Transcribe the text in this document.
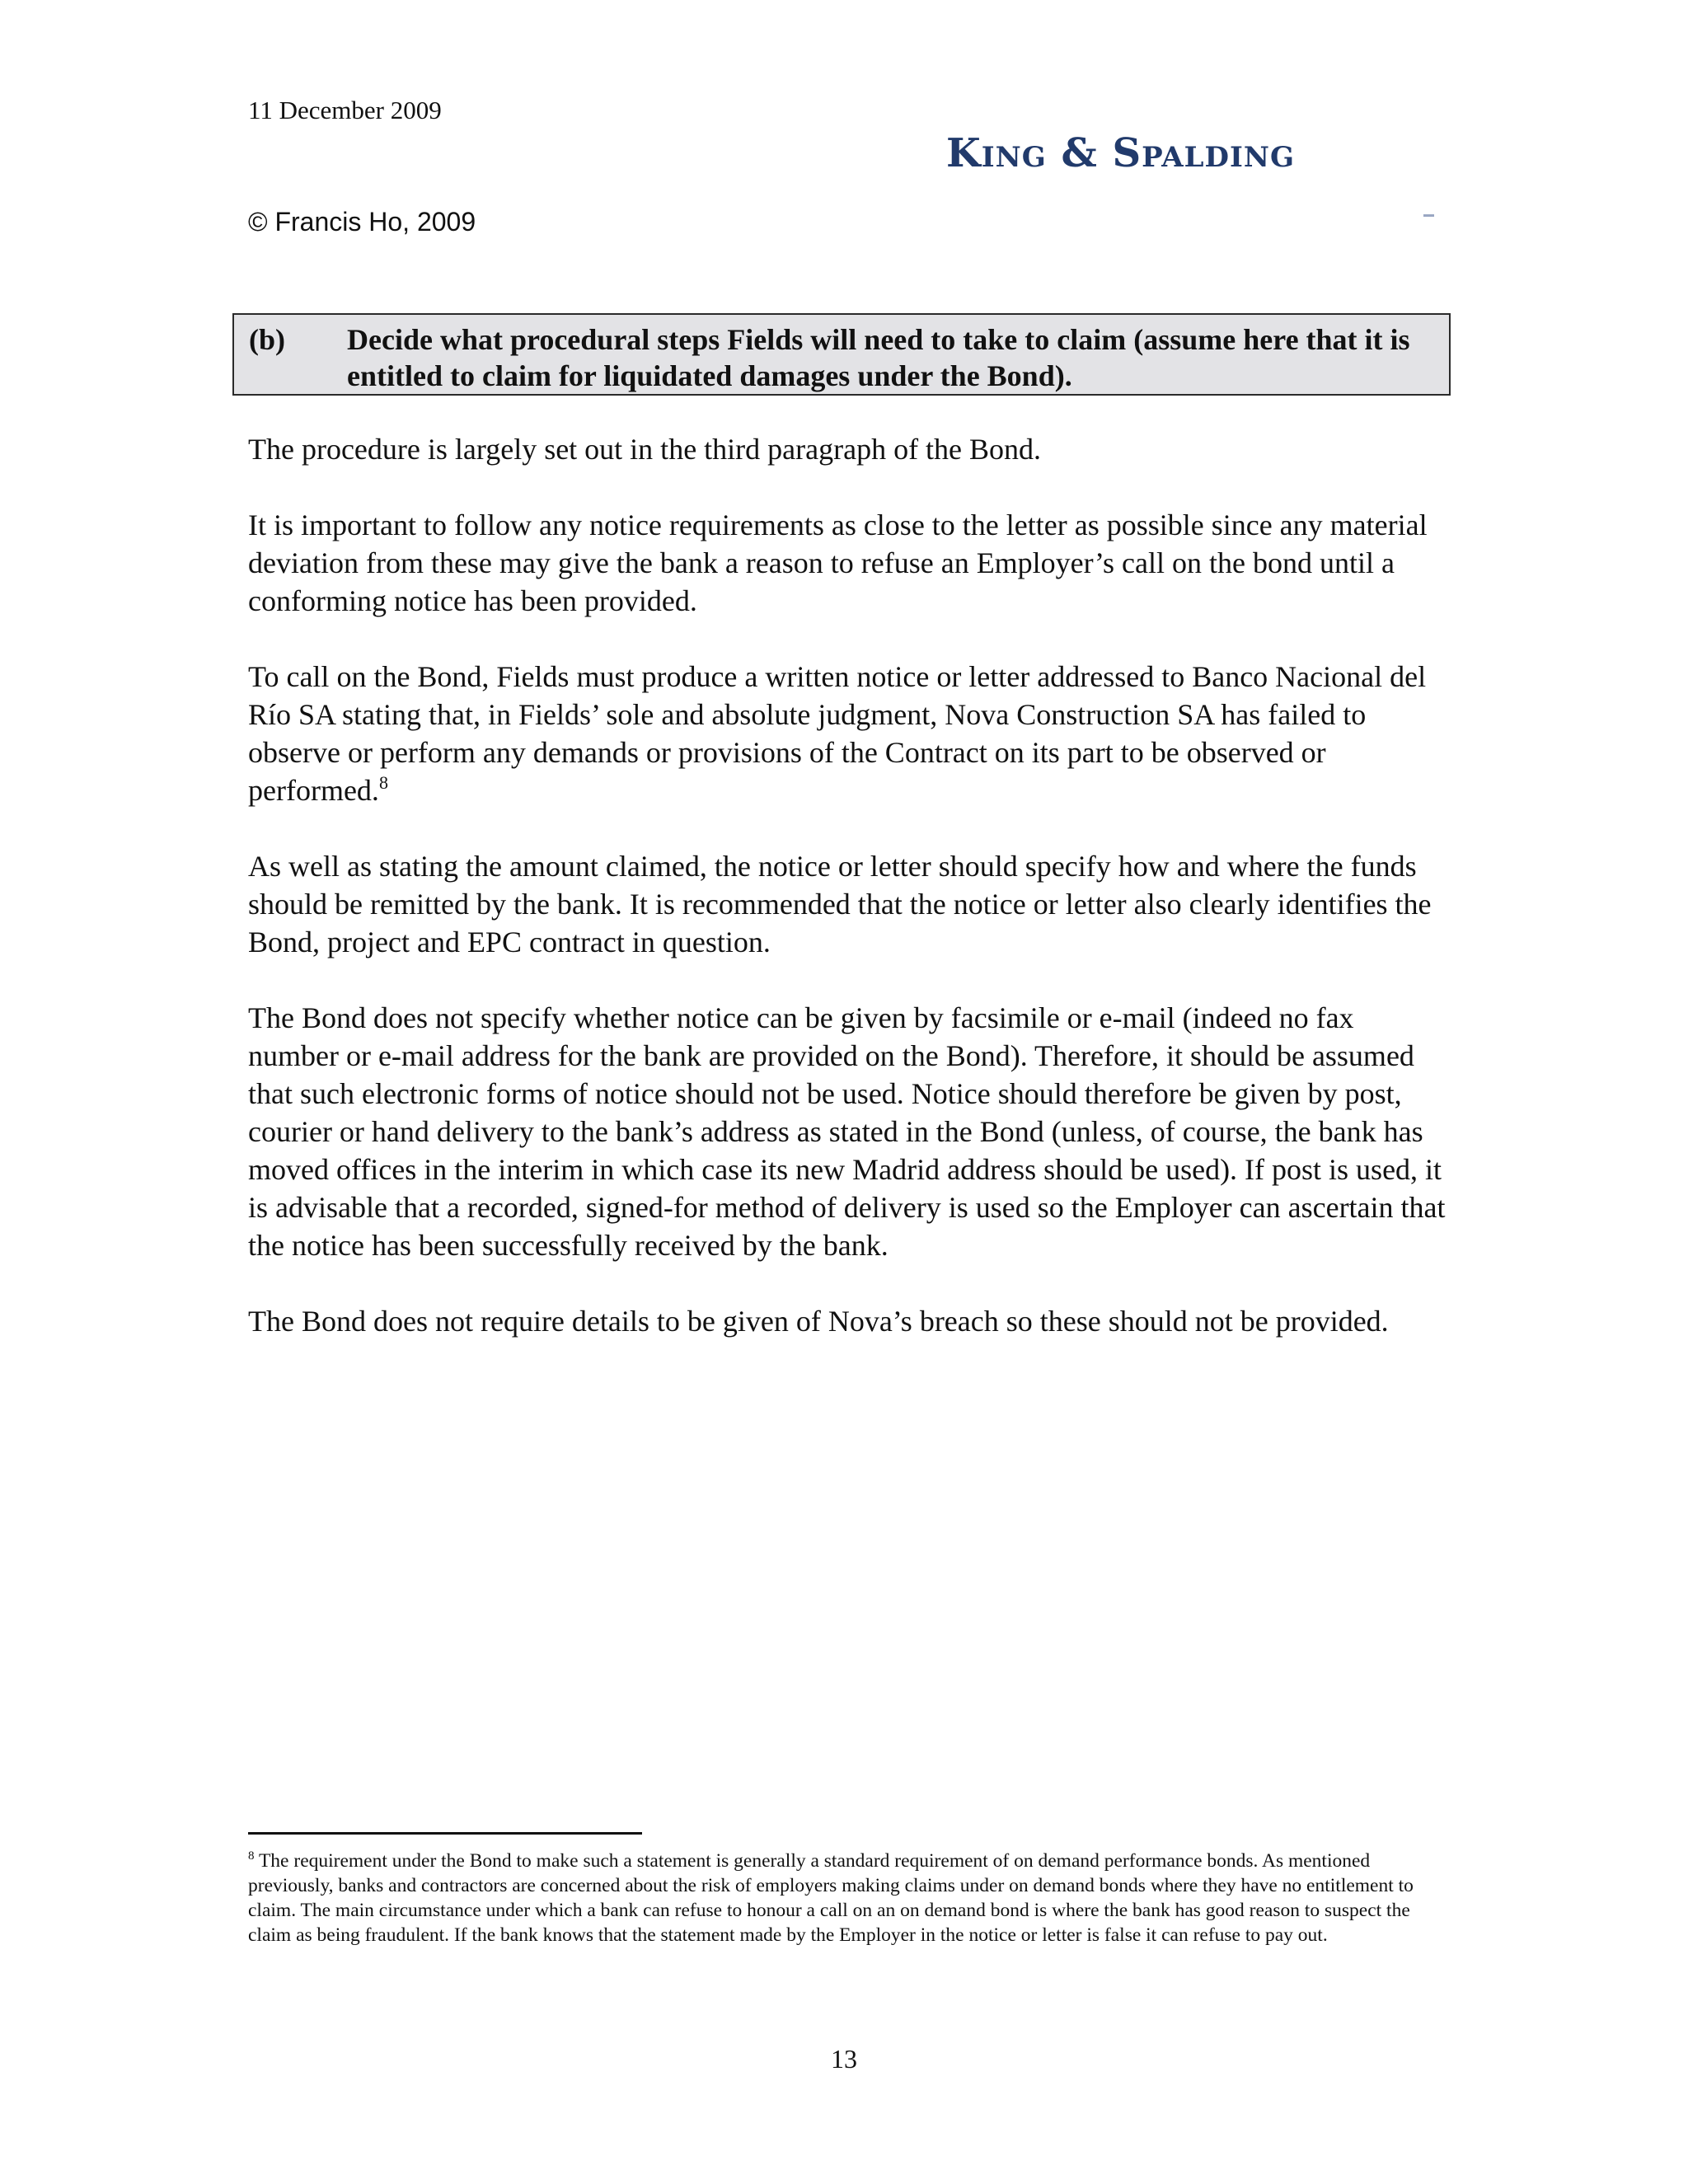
11 December 2009
King & Spalding
© Francis Ho, 2009
(b) Decide what procedural steps Fields will need to take to claim (assume here that it is entitled to claim for liquidated damages under the Bond).

The procedure is largely set out in the third paragraph of the Bond.

It is important to follow any notice requirements as close to the letter as possible since any material deviation from these may give the bank a reason to refuse an Employer’s call on the bond until a conforming notice has been provided.

To call on the Bond, Fields must produce a written notice or letter addressed to Banco Nacional del Río SA stating that, in Fields’ sole and absolute judgment, Nova Construction SA has failed to observe or perform any demands or provisions of the Contract on its part to be observed or performed.$^8$

As well as stating the amount claimed, the notice or letter should specify how and where the funds should be remitted by the bank. It is recommended that the notice or letter also clearly identifies the Bond, project and EPC contract in question.

The Bond does not specify whether notice can be given by facsimile or e-mail (indeed no fax number or e-mail address for the bank are provided on the Bond). Therefore, it should be assumed that such electronic forms of notice should not be used. Notice should therefore be given by post, courier or hand delivery to the bank’s address as stated in the Bond (unless, of course, the bank has moved offices in the interim in which case its new Madrid address should be used). If post is used, it is advisable that a recorded, signed-for method of delivery is used so the Employer can ascertain that the notice has been successfully received by the bank.

The Bond does not require details to be given of Nova’s breach so these should not be provided.

$^8$ The requirement under the Bond to make such a statement is generally a standard requirement of on demand performance bonds. As mentioned previously, banks and contractors are concerned about the risk of employers making claims under on demand bonds where they have no entitlement to claim. The main circumstance under which a bank can refuse to honour a call on an on demand bond is where the bank has good reason to suspect the claim as being fraudulent. If the bank knows that the statement made by the Employer in the notice or letter is false it can refuse to pay out.
13
